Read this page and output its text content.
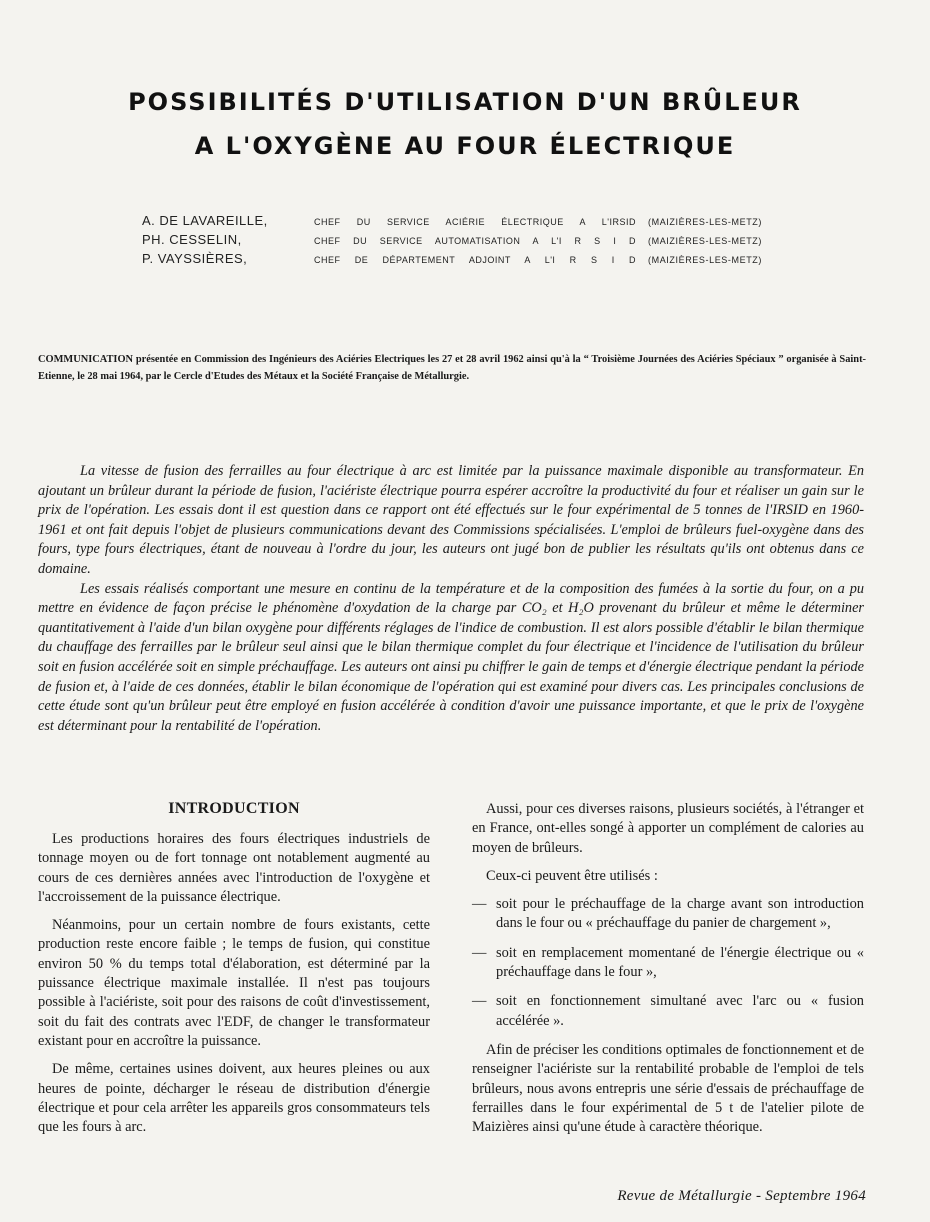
POSSIBILITÉS D'UTILISATION D'UN BRÛLEUR
A L'OXYGÈNE AU FOUR ÉLECTRIQUE
A. DE LAVAREILLE,	CHEF DU SERVICE ACIÉRIE ÉLECTRIQUE A L'IRSID (MAIZIÈRES-LES-METZ)
PH. CESSELIN,	CHEF DU SERVICE AUTOMATISATION A L'I R S I D (MAIZIÈRES-LES-METZ)
P. VAYSSIÈRES,	CHEF DE DÉPARTEMENT ADJOINT A L'I R S I D (MAIZIÈRES-LES-METZ)
COMMUNICATION présentée en Commission des Ingénieurs des Aciéries Electriques les 27 et 28 avril 1962 ainsi qu'à la “ Troisième Journées des Aciéries Spéciaux ” organisée à Saint-Etienne, le 28 mai 1964, par le Cercle d'Etudes des Métaux et la Société Française de Métallurgie.

La vitesse de fusion des ferrailles au four électrique à arc est limitée par la puissance maximale disponible au transformateur. En ajoutant un brûleur durant la période de fusion, l'aciériste électrique pourra espérer accroître la productivité du four et réaliser un gain sur le prix de l'opération. Les essais dont il est question dans ce rapport ont été effectués sur le four expérimental de 5 tonnes de l'IRSID en 1960-1961 et ont fait depuis l'objet de plusieurs communications devant des Commissions spécialisées. L'emploi de brûleurs fuel-oxygène dans des fours, type fours électriques, étant de nouveau à l'ordre du jour, les auteurs ont jugé bon de publier les résultats qu'ils ont obtenus dans ce domaine.

Les essais réalisés comportant une mesure en continu de la température et de la composition des fumées à la sortie du four, on a pu mettre en évidence de façon précise le phénomène d'oxydation de la charge par CO₂ et H₂O provenant du brûleur et même le déterminer quantitativement à l'aide d'un bilan oxygène pour différents réglages de l'indice de combustion. Il est alors possible d'établir le bilan thermique du chauffage des ferrailles par le brûleur seul ainsi que le bilan thermique complet du four électrique et l'incidence de l'utilisation du brûleur soit en fusion accélérée soit en simple préchauffage. Les auteurs ont ainsi pu chiffrer le gain de temps et d'énergie électrique pendant la période de fusion et, à l'aide de ces données, établir le bilan économique de l'opération qui est examiné pour divers cas. Les principales conclusions de cette étude sont qu'un brûleur peut être employé en fusion accélérée à condition d'avoir une puissance importante, et que le prix de l'oxygène est déterminant pour la rentabilité de l'opération.

INTRODUCTION

Les productions horaires des fours électriques industriels de tonnage moyen ou de fort tonnage ont notablement augmenté au cours de ces dernières années avec l'introduction de l'oxygène et l'accroissement de la puissance électrique.

Néanmoins, pour un certain nombre de fours existants, cette production reste encore faible ; le temps de fusion, qui constitue environ 50 % du temps total d'élaboration, est déterminé par la puissance électrique maximale installée. Il n'est pas toujours possible à l'aciériste, soit pour des raisons de coût d'investissement, soit du fait des contrats avec l'EDF, de changer le transformateur existant pour en accroître la puissance.

De même, certaines usines doivent, aux heures pleines ou aux heures de pointe, décharger le réseau de distribution d'énergie électrique et pour cela arrêter les appareils gros consommateurs tels que les fours à arc.

Aussi, pour ces diverses raisons, plusieurs sociétés, à l'étranger et en France, ont-elles songé à apporter un complément de calories au moyen de brûleurs.

Ceux-ci peuvent être utilisés :

— soit pour le préchauffage de la charge avant son introduction dans le four ou « préchauffage du panier de chargement »,
— soit en remplacement momentané de l'énergie électrique ou « préchauffage dans le four »,
— soit en fonctionnement simultané avec l'arc ou « fusion accélérée ».

Afin de préciser les conditions optimales de fonctionnement et de renseigner l'aciériste sur la rentabilité probable de l'emploi de tels brûleurs, nous avons entrepris une série d'essais de préchauffage de ferrailles dans le four expérimental de 5 t de l'atelier pilote de Maizières ainsi qu'une étude à caractère théorique.

Revue de Métallurgie - Septembre 1964
